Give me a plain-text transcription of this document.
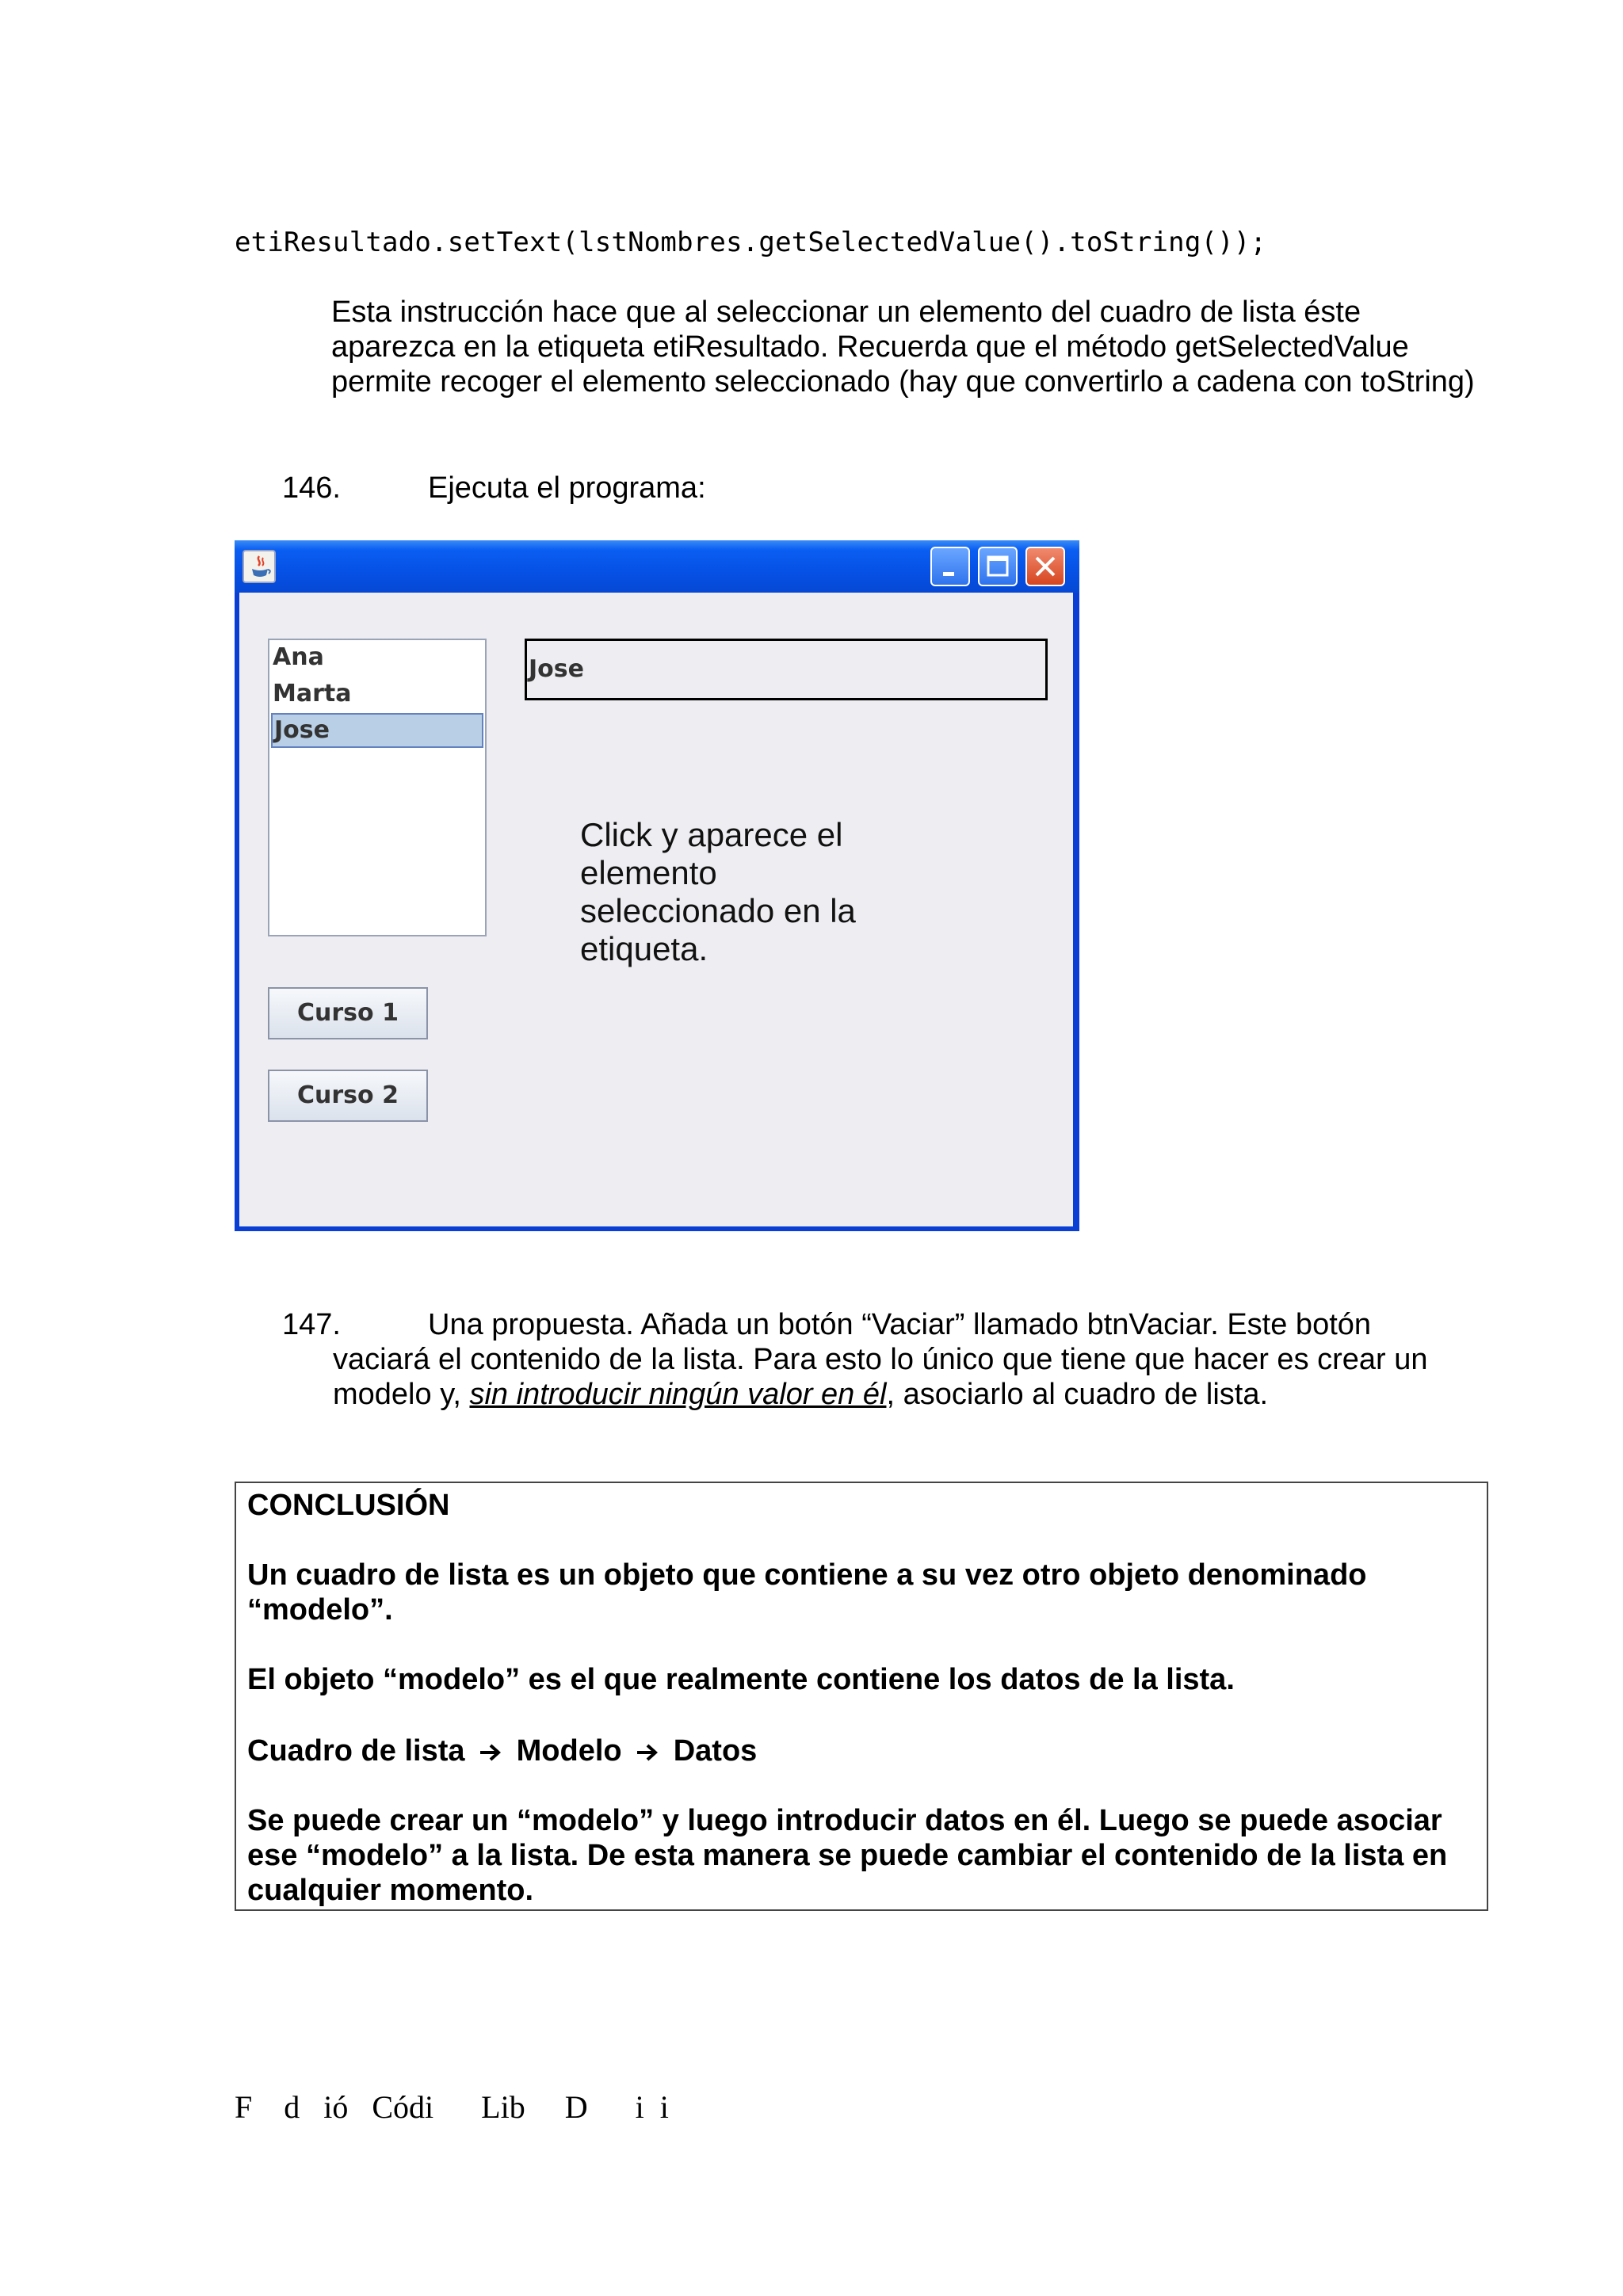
etiResultado.setText(lstNombres.getSelectedValue().toString());
Esta instrucción hace que al seleccionar un elemento del cuadro de lista éste
aparezca en la etiqueta etiResultado. Recuerda que el método getSelectedValue
permite recoger el elemento seleccionado (hay que convertirlo a cadena con toString)
146.	Ejecuta el programa:
Ana
Marta
Jose
Jose
Click y aparece el
elemento
seleccionado en la
etiqueta.
Curso 1
Curso 2
147.	Una propuesta. Añada un botón “Vaciar” llamado btnVaciar. Este botón
vaciará el contenido de la lista. Para esto lo único que tiene que hacer es crear un
modelo y, sin introducir ningún valor en él, asociarlo al cuadro de lista.
CONCLUSIÓN
Un cuadro de lista es un objeto que contiene a su vez otro objeto denominado
“modelo”.
El objeto “modelo” es el que realmente contiene los datos de la lista.
Cuadro de lista Modelo Datos
Se puede crear un “modelo” y luego introducir datos en él. Luego se puede asociar
ese “modelo” a la lista. De esta manera se puede cambiar el contenido de la lista en
cualquier momento.
F    d   ió   Códi      Lib     D      i  i
